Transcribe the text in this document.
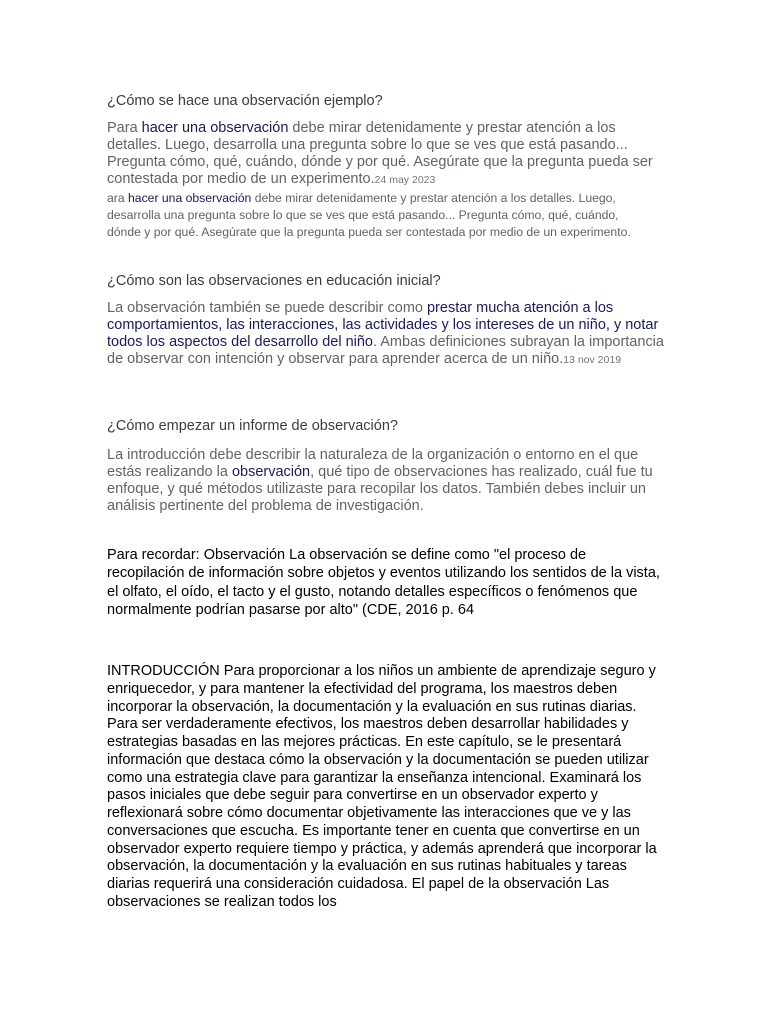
¿Cómo se hace una observación ejemplo?
Para hacer una observación debe mirar detenidamente y prestar atención a los detalles. Luego, desarrolla una pregunta sobre lo que se ves que está pasando... Pregunta cómo, qué, cuándo, dónde y por qué. Asegúrate que la pregunta pueda ser contestada por medio de un experimento.24 may 2023
ara hacer una observación debe mirar detenidamente y prestar atención a los detalles. Luego, desarrolla una pregunta sobre lo que se ves que está pasando... Pregunta cómo, qué, cuándo, dónde y por qué. Asegúrate que la pregunta pueda ser contestada por medio de un experimento.
¿Cómo son las observaciones en educación inicial?
La observación también se puede describir como prestar mucha atención a los comportamientos, las interacciones, las actividades y los intereses de un niño, y notar todos los aspectos del desarrollo del niño. Ambas definiciones subrayan la importancia de observar con intención y observar para aprender acerca de un niño.13 nov 2019
¿Cómo empezar un informe de observación?
La introducción debe describir la naturaleza de la organización o entorno en el que estás realizando la observación, qué tipo de observaciones has realizado, cuál fue tu enfoque, y qué métodos utilizaste para recopilar los datos. También debes incluir un análisis pertinente del problema de investigación.
Para recordar: Observación La observación se define como "el proceso de recopilación de información sobre objetos y eventos utilizando los sentidos de la vista, el olfato, el oído, el tacto y el gusto, notando detalles específicos o fenómenos que normalmente podrían pasarse por alto" (CDE, 2016 p. 64
INTRODUCCIÓN Para proporcionar a los niños un ambiente de aprendizaje seguro y enriquecedor, y para mantener la efectividad del programa, los maestros deben incorporar la observación, la documentación y la evaluación en sus rutinas diarias. Para ser verdaderamente efectivos, los maestros deben desarrollar habilidades y estrategias basadas en las mejores prácticas. En este capítulo, se le presentará información que destaca cómo la observación y la documentación se pueden utilizar como una estrategia clave para garantizar la enseñanza intencional. Examinará los pasos iniciales que debe seguir para convertirse en un observador experto y reflexionará sobre cómo documentar objetivamente las interacciones que ve y las conversaciones que escucha. Es importante tener en cuenta que convertirse en un observador experto requiere tiempo y práctica, y además aprenderá que incorporar la observación, la documentación y la evaluación en sus rutinas habituales y tareas diarias requerirá una consideración cuidadosa. El papel de la observación Las observaciones se realizan todos los
